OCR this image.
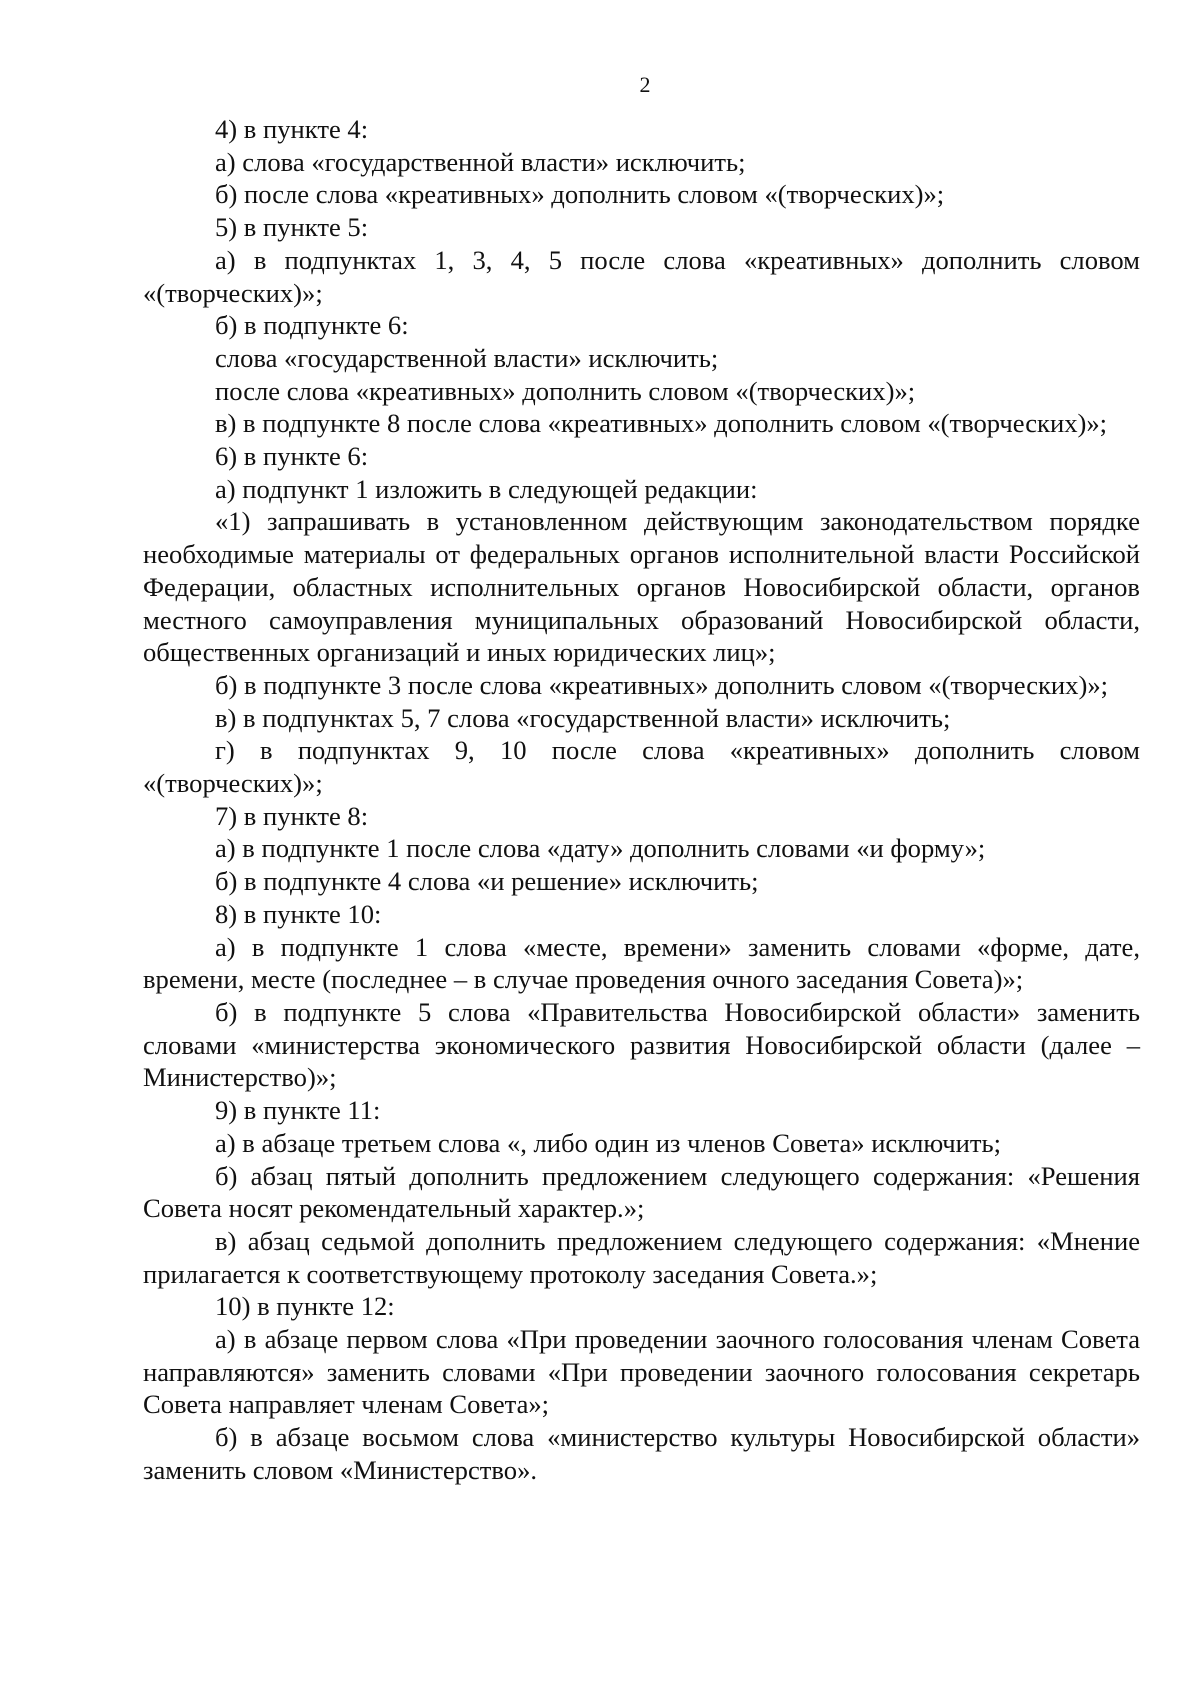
2

4) в пункте 4:

а) слова «государственной власти» исключить;

б) после слова «креативных» дополнить словом «(творческих)»;

5) в пункте 5:

а) в подпунктах 1, 3, 4, 5 после слова «креативных» дополнить словом «(творческих)»;

б) в подпункте 6:

слова «государственной власти» исключить;

после слова «креативных» дополнить словом «(творческих)»;

в) в подпункте 8 после слова «креативных» дополнить словом «(творческих)»;

6) в пункте 6:

а) подпункт 1 изложить в следующей редакции:

«1) запрашивать в установленном действующим законодательством порядке необходимые материалы от федеральных органов исполнительной власти Российской Федерации, областных исполнительных органов Новосибирской области, органов местного самоуправления муниципальных образований Новосибирской области, общественных организаций и иных юридических лиц»;

б) в подпункте 3 после слова «креативных» дополнить словом «(творческих)»;

в) в подпунктах 5, 7 слова «государственной власти» исключить;

г) в подпунктах 9, 10 после слова «креативных» дополнить словом «(творческих)»;

7) в пункте 8:

а) в подпункте 1 после слова «дату» дополнить словами «и форму»;

б) в подпункте 4 слова «и решение» исключить;

8) в пункте 10:

а) в подпункте 1 слова «месте, времени» заменить словами «форме, дате, времени, месте (последнее – в случае проведения очного заседания Совета)»;

б) в подпункте 5 слова «Правительства Новосибирской области» заменить словами «министерства экономического развития Новосибирской области (далее – Министерство)»;

9) в пункте 11:

а) в абзаце третьем слова «, либо один из членов Совета» исключить;

б) абзац пятый дополнить предложением следующего содержания: «Решения Совета носят рекомендательный характер.»;

в) абзац седьмой дополнить предложением следующего содержания: «Мнение прилагается к соответствующему протоколу заседания Совета.»;

10) в пункте 12:

а) в абзаце первом слова «При проведении заочного голосования членам Совета направляются» заменить словами «При проведении заочного голосования секретарь Совета направляет членам Совета»;

б) в абзаце восьмом слова «министерство культуры Новосибирской области» заменить словом «Министерство».
